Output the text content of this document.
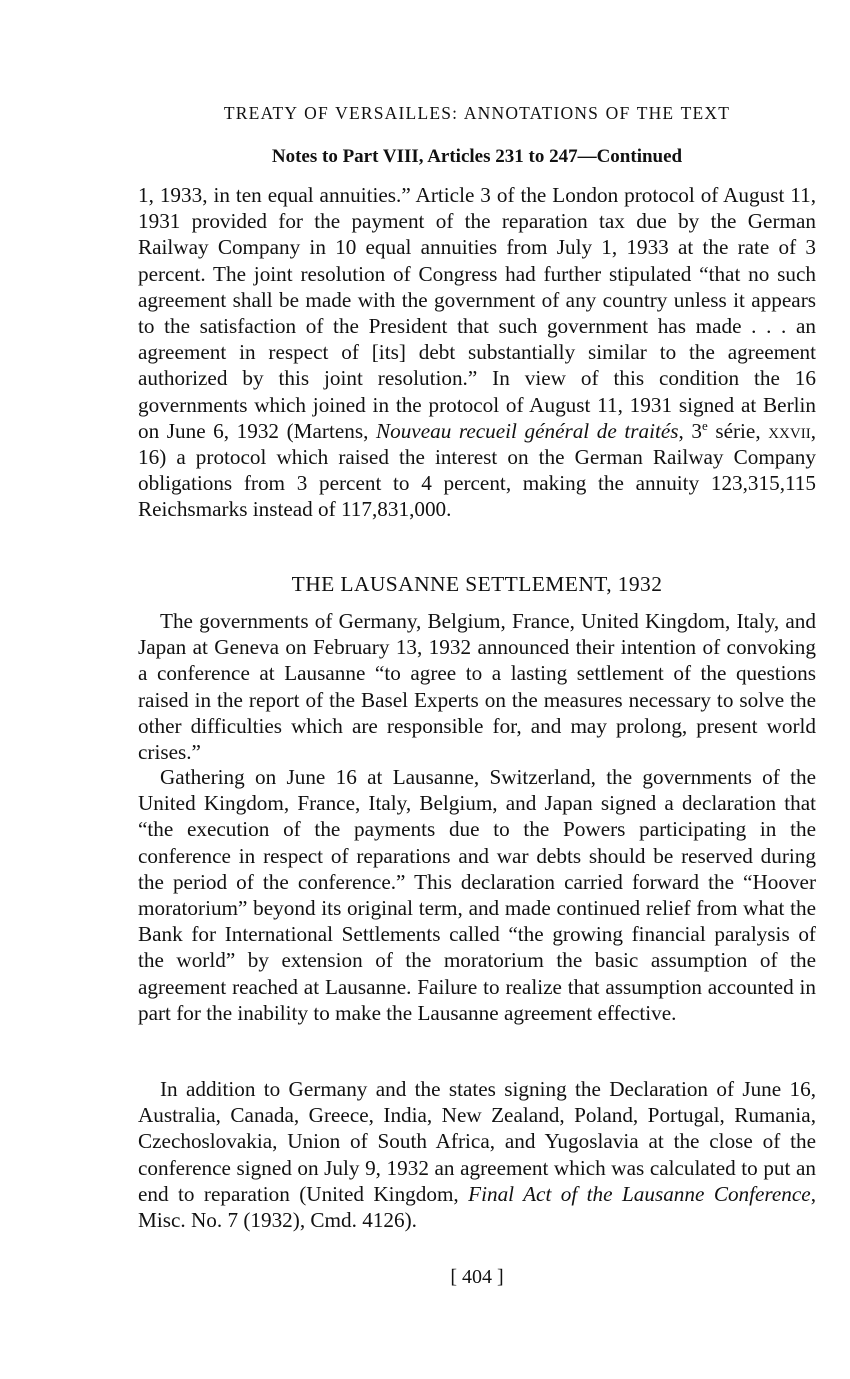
TREATY OF VERSAILLES: ANNOTATIONS OF THE TEXT
Notes to Part VIII, Articles 231 to 247—Continued

1, 1933, in ten equal annuities.” Article 3 of the London protocol of August 11, 1931 provided for the payment of the reparation tax due by the German Railway Company in 10 equal annuities from July 1, 1933 at the rate of 3 percent. The joint resolution of Congress had further stipulated “that no such agreement shall be made with the government of any country unless it appears to the satisfaction of the President that such government has made . . . an agreement in respect of [its] debt substantially similar to the agreement authorized by this joint resolution.” In view of this condition the 16 governments which joined in the protocol of August 11, 1931 signed at Berlin on June 6, 1932 (Martens, Nouveau recueil général de traités, 3e série, xxvii, 16) a protocol which raised the interest on the German Railway Company obligations from 3 percent to 4 percent, making the annuity 123,315,115 Reichsmarks instead of 117,831,000.

THE LAUSANNE SETTLEMENT, 1932

The governments of Germany, Belgium, France, United Kingdom, Italy, and Japan at Geneva on February 13, 1932 announced their intention of convoking a conference at Lausanne “to agree to a lasting settlement of the questions raised in the report of the Basel Experts on the measures necessary to solve the other difficulties which are responsible for, and may prolong, present world crises.”

Gathering on June 16 at Lausanne, Switzerland, the governments of the United Kingdom, France, Italy, Belgium, and Japan signed a declaration that “the execution of the payments due to the Powers participating in the conference in respect of reparations and war debts should be reserved during the period of the conference.” This declaration carried forward the “Hoover moratorium” beyond its original term, and made continued relief from what the Bank for International Settlements called “the growing financial paralysis of the world” by extension of the moratorium the basic assumption of the agreement reached at Lausanne. Failure to realize that assumption accounted in part for the inability to make the Lausanne agreement effective.

In addition to Germany and the states signing the Declaration of June 16, Australia, Canada, Greece, India, New Zealand, Poland, Portugal, Rumania, Czechoslovakia, Union of South Africa, and Yugoslavia at the close of the conference signed on July 9, 1932 an agreement which was calculated to put an end to reparation (United Kingdom, Final Act of the Lausanne Conference, Misc. No. 7 (1932), Cmd. 4126).

[ 404 ]
